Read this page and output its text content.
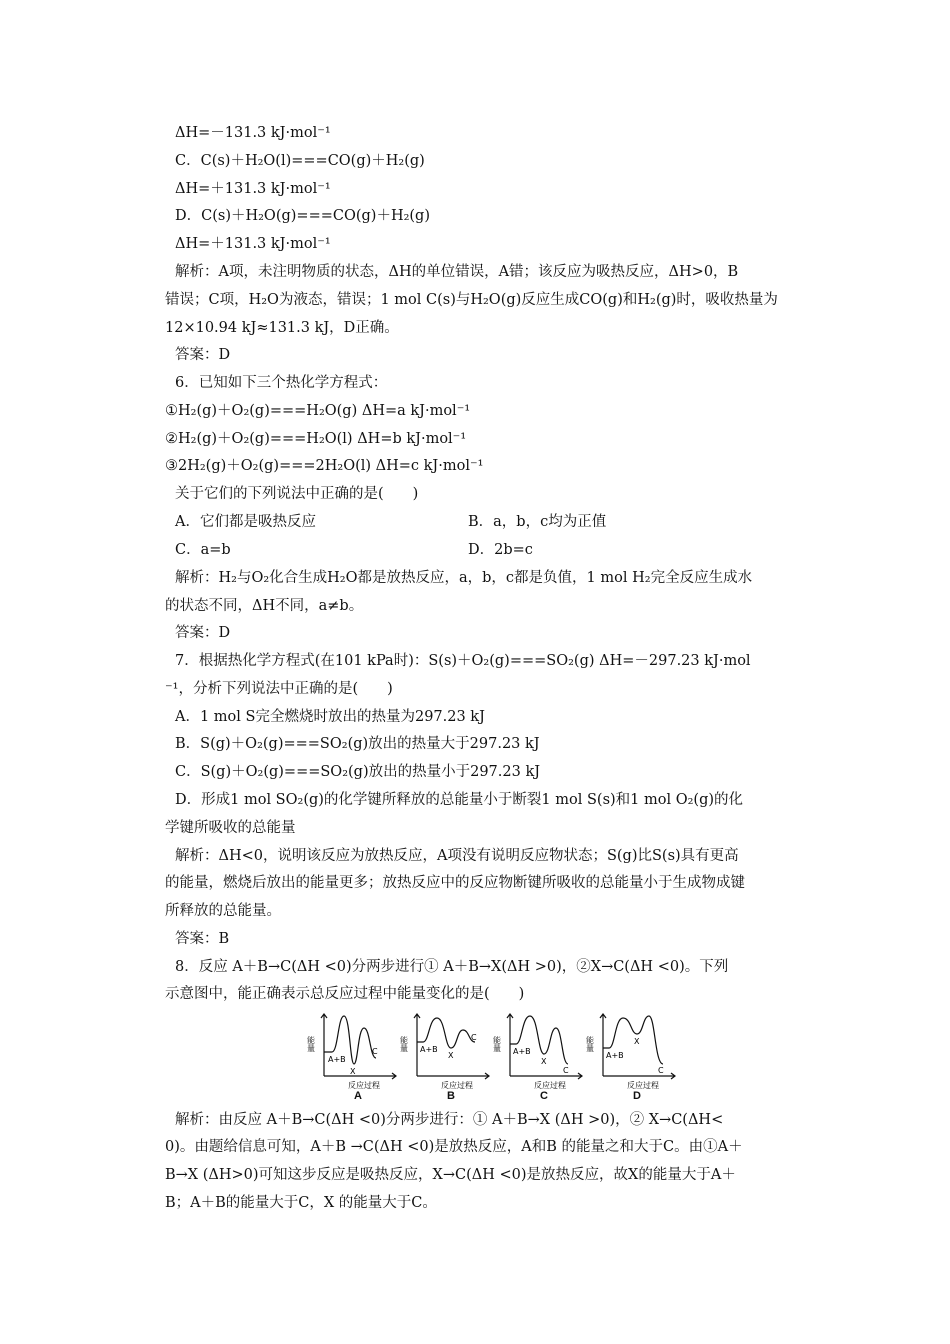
ΔH=－131.3 kJ·mol⁻¹
C．C(s)＋H₂O(l)===CO(g)＋H₂(g)
ΔH=＋131.3 kJ·mol⁻¹
D．C(s)＋H₂O(g)===CO(g)＋H₂(g)
ΔH=＋131.3 kJ·mol⁻¹
解析：A项，未注明物质的状态，ΔH的单位错误，A错；该反应为吸热反应，ΔH>0，B
错误；C项，H₂O为液态，错误；1 mol C(s)与H₂O(g)反应生成CO(g)和H₂(g)时，吸收热量为
12×10.94 kJ≈131.3 kJ，D正确。
答案：D
6．已知如下三个热化学方程式：
①H₂(g)＋O₂(g)===H₂O(g) ΔH=a kJ·mol⁻¹
②H₂(g)＋O₂(g)===H₂O(l) ΔH=b kJ·mol⁻¹
③2H₂(g)＋O₂(g)===2H₂O(l) ΔH=c kJ·mol⁻¹
关于它们的下列说法中正确的是(　　)
A．它们都是吸热反应	B．a，b，c均为正值
C．a=b	D．2b=c
解析：H₂与O₂化合生成H₂O都是放热反应，a，b，c都是负值，1 mol H₂完全反应生成水
的状态不同，ΔH不同，a≠b。
答案：D
7．根据热化学方程式(在101 kPa时)：S(s)＋O₂(g)===SO₂(g) ΔH=－297.23 kJ·mol
⁻¹，分析下列说法中正确的是(　　)
A．1 mol S完全燃烧时放出的热量为297.23 kJ
B．S(g)＋O₂(g)===SO₂(g)放出的热量大于297.23 kJ
C．S(g)＋O₂(g)===SO₂(g)放出的热量小于297.23 kJ
D．形成1 mol SO₂(g)的化学键所释放的总能量小于断裂1 mol S(s)和1 mol O₂(g)的化
学键所吸收的总能量
解析：ΔH<0，说明该反应为放热反应，A项没有说明反应物状态；S(g)比S(s)具有更高
的能量，燃烧后放出的能量更多；放热反应中的反应物断键所吸收的总能量小于生成物成键
所释放的总能量。
答案：B
8．反应 A＋B→C(ΔH <0)分两步进行① A＋B→X(ΔH >0)，②X→C(ΔH <0)。下列
示意图中，能正确表示总反应过程中能量变化的是(　　)
能量
A+B
X
C
反应过程
A
能量 A+B
X
C
反应过程
B
能量 A+B
X
C
反应过程
C
能量
A+B
X
C
反应过程
D
解析：由反应 A＋B→C(ΔH <0)分两步进行：① A＋B→X (ΔH >0)，② X→C(ΔH<
0)。由题给信息可知，A＋B →C(ΔH <0)是放热反应，A和B 的能量之和大于C。由①A＋
B→X (ΔH>0)可知这步反应是吸热反应，X→C(ΔH <0)是放热反应，故X的能量大于A＋
B；A＋B的能量大于C，X 的能量大于C。
